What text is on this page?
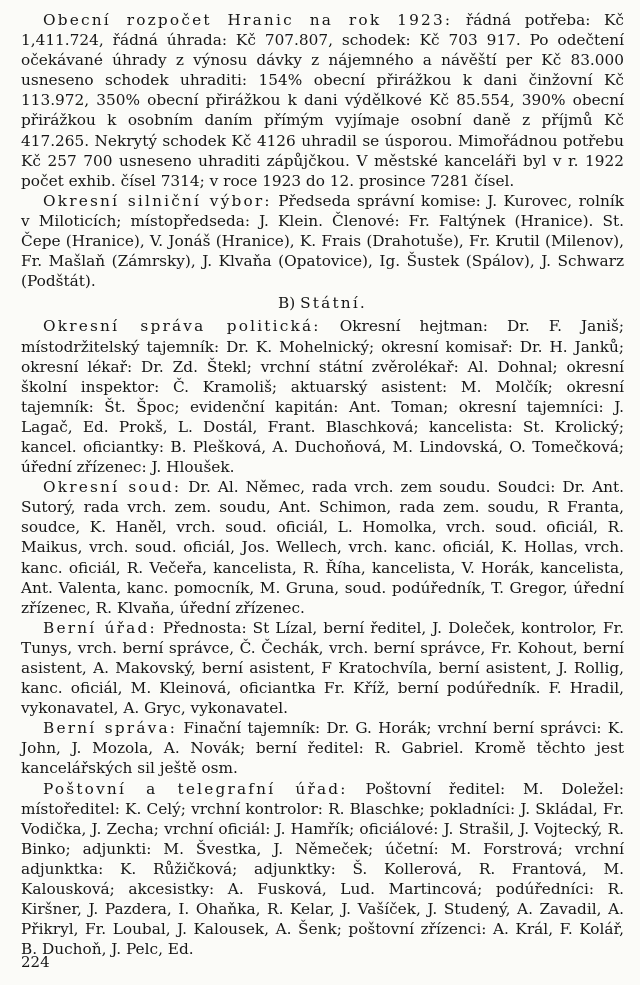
Obecní rozpočet Hranic na rok 1923: řádná potřeba: Kč 1,411.724, řádná úhrada: Kč 707.807, schodek: Kč 703 917. Po odečtení očekávané úhrady z výnosu dávky z nájemného a návěští per Kč 83.000 usneseno schodek uhraditi: 154% obecní přirážkou k dani činžovní Kč 113.972, 350% obecní přirážkou k dani výdělkové Kč 85.554, 390% obecní přirážkou k osobním daním přímým vyjímaje osobní daně z příjmů Kč 417.265. Nekrytý schodek Kč 4126 uhradil se úsporou. Mimořádnou potřebu Kč 257 700 usneseno uhraditi zápůjčkou. V městské kanceláři byl v r. 1922 počet exhib. čísel 7314; v roce 1923 do 12. prosince 7281 čísel.

Okresní silniční výbor: Předseda správní komise: J. Kurovec, rolník v Miloticích; místopředseda: J. Klein. Členové: Fr. Faltýnek (Hranice). St. Čepe (Hranice), V. Jonáš (Hranice), K. Frais (Drahotuše), Fr. Krutil (Milenov), Fr. Mašlaň (Zámrsky), J. Klvaňa (Opatovice), Ig. Šustek (Spálov), J. Schwarz (Podštát).

B) Státní.

Okresní správa politická: Okresní hejtman: Dr. F. Janiš; místodržitelský tajemník: Dr. K. Mohelnický; okresní komisař: Dr. H. Janků; okresní lékař: Dr. Zd. Štekl; vrchní státní zvěrolékař: Al. Dohnal; okresní školní inspektor: Č. Kramoliš; aktuarský asistent: M. Molčík; okresní tajemník: Št. Špoc; evidenční kapitán: Ant. Toman; okresní tajemníci: J. Lagač, Ed. Prokš, L. Dostál, Frant. Blaschková; kancelista: St. Krolický; kancel. oficiantky: B. Plešková, A. Duchoňová, M. Lindovská, O. Tomečková; úřední zřízenec: J. Hloušek.

Okresní soud: Dr. Al. Němec, rada vrch. zem soudu. Soudci: Dr. Ant. Sutorý, rada vrch. zem. soudu, Ant. Schimon, rada zem. soudu, R Franta, soudce, K. Haněl, vrch. soud. oficiál, L. Homolka, vrch. soud. oficiál, R. Maikus, vrch. soud. oficiál, Jos. Wellech, vrch. kanc. oficiál, K. Hollas, vrch. kanc. oficiál, R. Večeřa, kancelista, R. Říha, kancelista, V. Horák, kancelista, Ant. Valenta, kanc. pomocník, M. Gruna, soud. podúředník, T. Gregor, úřední zřízenec, R. Klvaňa, úřední zřízenec.

Berní úřad: Přednosta: St Lízal, berní ředitel, J. Doleček, kontrolor, Fr. Tunys, vrch. berní správce, Č. Čechák, vrch. berní správce, Fr. Kohout, berní asistent, A. Makovský, berní asistent, F Kratochvíla, berní asistent, J. Rollig, kanc. oficiál, M. Kleinová, oficiantka Fr. Kříž, berní podúředník. F. Hradil, vykonavatel, A. Gryc, vykonavatel.

Berní správa: Finační tajemník: Dr. G. Horák; vrchní berní správci: K. John, J. Mozola, A. Novák; berní ředitel: R. Gabriel. Kromě těchto jest kancelářských sil ještě osm.

Poštovní a telegrafní úřad: Poštovní ředitel: M. Doležel: místoředitel: K. Celý; vrchní kontrolor: R. Blaschke; pokladníci: J. Skládal, Fr. Vodička, J. Zecha; vrchní oficiál: J. Hamřík; oficiálové: J. Strašil, J. Vojtecký, R. Binko; adjunkti: M. Švestka, J. Němeček; účetní: M. Forstrová; vrchní adjunktka: K. Růžičková; adjunktky: Š. Kollerová, R. Frantová, M. Kalousková; akcesistky: A. Fusková, Lud. Martincová; podúředníci: R. Kiršner, J. Pazdera, I. Ohaňka, R. Kelar, J. Vašíček, J. Studený, A. Zavadil, A. Přikryl, Fr. Loubal, J. Kalousek, A. Šenk; poštovní zřízenci: A. Král, F. Kolář, B. Duchoň, J. Pelc, Ed.

224
